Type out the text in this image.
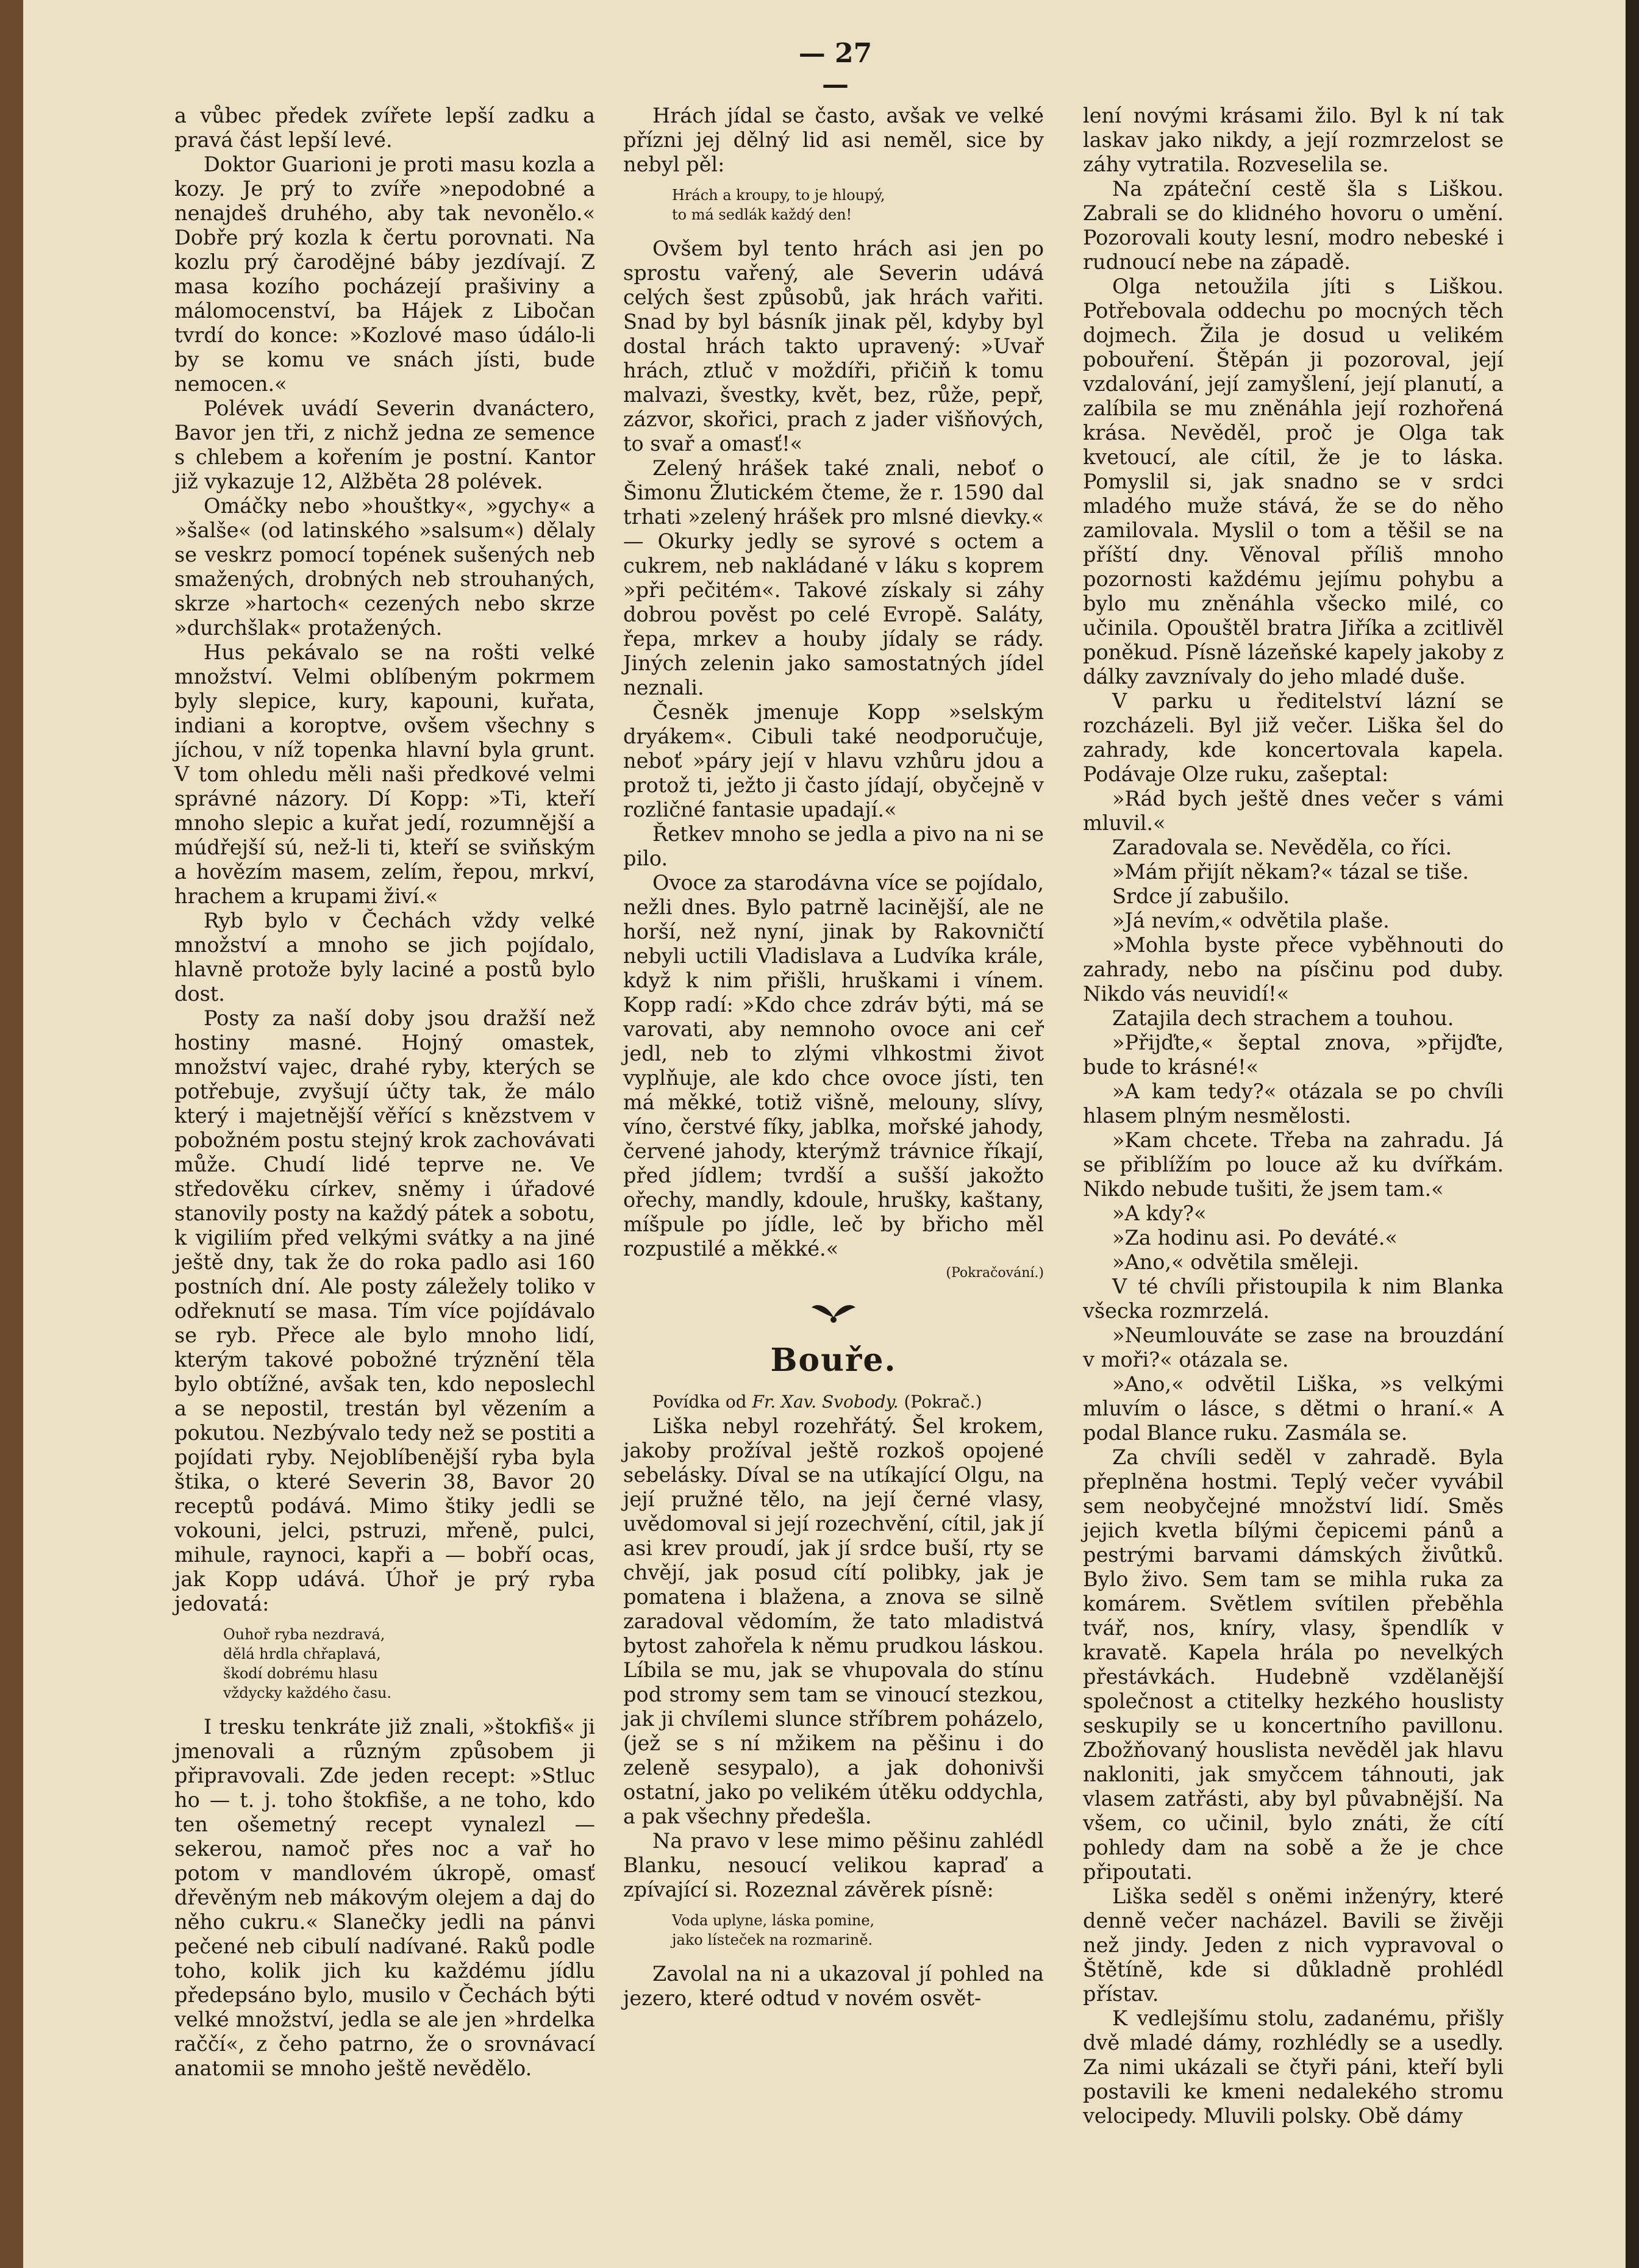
— 27 —

a vůbec předek zvířete lepší zadku a pravá část lepší levé.

Doktor Guarioni je proti masu kozla a kozy. Je prý to zvíře »nepodobné a nenajdeš druhého, aby tak nevonělo.« Dobře prý kozla k čertu porovnati. Na kozlu prý čarodějné báby jezdívají. Z masa kozího pocházejí prašiviny a málomocenství, ba Hájek z Libočan tvrdí do konce: »Kozlové maso údálo-li by se komu ve snách jísti, bude nemocen.«

Polévek uvádí Severin dvanáctero, Bavor jen tři, z nichž jedna ze semence s chlebem a kořením je postní. Kantor již vykazuje 12, Alžběta 28 polévek.

Omáčky nebo »houštky«, »gychy« a »šalše« (od latinského »salsum«) dělaly se veskrz pomocí topének sušených neb smažených, drobných neb strouhaných, skrze »hartoch« cezených nebo skrze »durchšlak« protažených.

Hus pekávalo se na rošti velké množství. Velmi oblíbeným pokrmem byly slepice, kury, kapouni, kuřata, indiani a koroptve, ovšem všechny s jíchou, v níž topenka hlavní byla grunt. V tom ohledu měli naši předkové velmi správné názory. Dí Kopp: »Ti, kteří mnoho slepic a kuřat jedí, rozumnější a múdřejší sú, než-li ti, kteří se sviňským a hovězím masem, zelím, řepou, mrkví, hrachem a krupami živí.«

Ryb bylo v Čechách vždy velké množství a mnoho se jich pojídalo, hlavně protože byly laciné a postů bylo dost.

Posty za naší doby jsou dražší než hostiny masné. Hojný omastek, množství vajec, drahé ryby, kterých se potřebuje, zvyšují účty tak, že málo který i majetnější věřící s knězstvem v pobožném postu stejný krok zachovávati může. Chudí lidé teprve ne. Ve středověku církev, sněmy i úřadové stanovily posty na každý pátek a sobotu, k vigiliím před velkými svátky a na jiné ještě dny, tak že do roka padlo asi 160 postních dní. Ale posty záležely toliko v odřeknutí se masa. Tím více pojídávalo se ryb. Přece ale bylo mnoho lidí, kterým takové pobožné trýznění těla bylo obtížné, avšak ten, kdo neposlechl a se nepostil, trestán byl vězením a pokutou. Nezbývalo tedy než se postiti a pojídati ryby. Nejoblíbenější ryba byla štika, o které Severin 38, Bavor 20 receptů podává. Mimo štiky jedli se vokouni, jelci, pstruzi, mřeně, pulci, mihule, raynoci, kapři a — bobří ocas, jak Kopp udává. Úhoř je prý ryba jedovatá:

Ouhoř ryba nezdravá,
dělá hrdla chřaplavá,
škodí dobrému hlasu
vždycky každého času.

I tresku tenkráte již znali, »štokfiš« ji jmenovali a různým způsobem ji připravovali. Zde jeden recept: »Stluc ho — t. j. toho štokfiše, a ne toho, kdo ten ošemetný recept vynalezl — sekerou, namoč přes noc a vař ho potom v mandlovém úkropě, omasť dřevěným neb mákovým olejem a daj do něho cukru.« Slanečky jedli na pánvi pečené neb cibulí nadívané. Raků podle toho, kolik jich ku každému jídlu předepsáno bylo, musilo v Čechách býti velké množství, jedla se ale jen »hrdelka raččí«, z čeho patrno, že o srovnávací anatomii se mnoho ještě nevědělo.

Hrách jídal se často, avšak ve velké přízni jej dělný lid asi neměl, sice by nebyl pěl:

Hrách a kroupy, to je hloupý,
to má sedlák každý den!

Ovšem byl tento hrách asi jen po sprostu vařený, ale Severin udává celých šest způsobů, jak hrách vařiti. Snad by byl básník jinak pěl, kdyby byl dostal hrách takto upravený: »Uvař hrách, ztluč v moždíři, přičiň k tomu malvazi, švestky, květ, bez, růže, pepř, zázvor, skořici, prach z jader višňových, to svař a omasť!«

Zelený hrášek také znali, neboť o Šimonu Žlutickém čteme, že r. 1590 dal trhati »zelený hrášek pro mlsné dievky.« — Okurky jedly se syrové s octem a cukrem, neb nakládané v láku s koprem »při pečitém«. Takové získaly si záhy dobrou pověst po celé Evropě. Saláty, řepa, mrkev a houby jídaly se rády. Jiných zelenin jako samostatných jídel neznali.

Česněk jmenuje Kopp »selským dryákem«. Cibuli také neodporučuje, neboť »páry její v hlavu vzhůru jdou a protož ti, ježto ji často jídají, obyčejně v rozličné fantasie upadají.«

Řetkev mnoho se jedla a pivo na ni se pilo.

Ovoce za starodávna více se pojídalo, nežli dnes. Bylo patrně lacinější, ale ne horší, než nyní, jinak by Rakovničtí nebyli uctili Vladislava a Ludvíka krále, když k nim přišli, hruškami i vínem. Kopp radí: »Kdo chce zdráv býti, má se varovati, aby nemnoho ovoce ani ceř jedl, neb to zlými vlhkostmi život vyplňuje, ale kdo chce ovoce jísti, ten má měkké, totiž višně, melouny, slívy, víno, čerstvé fíky, jablka, mořské jahody, červené jahody, kterýmž trávnice říkají, před jídlem; tvrdší a sušší jakožto ořechy, mandly, kdoule, hrušky, kaštany, míšpule po jídle, leč by břicho měl rozpustilé a měkké.«

(Pokračování.)
Bouře.

Povídka od Fr. Xav. Svobody. (Pokrač.)

Liška nebyl rozehřátý. Šel krokem, jakoby prožíval ještě rozkoš opojené sebelásky. Díval se na utíkající Olgu, na její pružné tělo, na její černé vlasy, uvědomoval si její rozechvění, cítil, jak jí asi krev proudí, jak jí srdce buší, rty se chvějí, jak posud cítí polibky, jak je pomatena i blažena, a znova se silně zaradoval vědomím, že tato mladistvá bytost zahořela k němu prudkou láskou. Líbila se mu, jak se vhupovala do stínu pod stromy sem tam se vinoucí stezkou, jak ji chvílemi slunce stříbrem poházelo, (jež se s ní mžikem na pěšinu i do zeleně sesypalo), a jak dohonivši ostatní, jako po velikém útěku oddychla, a pak všechny předešla.

Na pravo v lese mimo pěšinu zahlédl Blanku, nesoucí velikou kapraď a zpívající si. Rozeznal závěrek písně:

Voda uplyne, láska pomine,
jako lísteček na rozmarině.

Zavolal na ni a ukazoval jí pohled na jezero, které odtud v novém osvět-

lení novými krásami žilo. Byl k ní tak laskav jako nikdy, a její rozmrzelost se záhy vytratila. Rozveselila se.

Na zpáteční cestě šla s Liškou. Zabrali se do klidného hovoru o umění. Pozorovali kouty lesní, modro nebeské i rudnoucí nebe na západě.

Olga netoužila jíti s Liškou. Potřebovala oddechu po mocných těch dojmech. Žila je dosud u velikém pobouření. Štěpán ji pozoroval, její vzdalování, její zamyšlení, její planutí, a zalíbila se mu zněnáhla její rozhořená krása. Nevěděl, proč je Olga tak kvetoucí, ale cítil, že je to láska. Pomyslil si, jak snadno se v srdci mladého muže stává, že se do něho zamilovala. Myslil o tom a těšil se na příští dny. Věnoval příliš mnoho pozornosti každému jejímu pohybu a bylo mu zněnáhla všecko milé, co učinila. Opouštěl bratra Jiříka a zcitlivěl poněkud. Písně lázeňské kapely jakoby z dálky zavznívaly do jeho mladé duše.

V parku u ředitelství lázní se rozcházeli. Byl již večer. Liška šel do zahrady, kde koncertovala kapela. Podávaje Olze ruku, zašeptal:

»Rád bych ještě dnes večer s vámi mluvil.«

Zaradovala se. Nevěděla, co říci.

»Mám přijít někam?« tázal se tiše.

Srdce jí zabušilo.

»Já nevím,« odvětila plaše.

»Mohla byste přece vyběhnouti do zahrady, nebo na písčinu pod duby. Nikdo vás neuvidí!«

Zatajila dech strachem a touhou.

»Přijďte,« šeptal znova, »přijďte, bude to krásné!«

»A kam tedy?« otázala se po chvíli hlasem plným nesmělosti.

»Kam chcete. Třeba na zahradu. Já se přiblížím po louce až ku dvířkám. Nikdo nebude tušiti, že jsem tam.«

»A kdy?«

»Za hodinu asi. Po deváté.«

»Ano,« odvětila směleji.

V té chvíli přistoupila k nim Blanka všecka rozmrzelá.

»Neumlouváte se zase na brouzdání v moři?« otázala se.

»Ano,« odvětil Liška, »s velkými mluvím o lásce, s dětmi o hraní.« A podal Blance ruku. Zasmála se.

Za chvíli seděl v zahradě. Byla přeplněna hostmi. Teplý večer vyvábil sem neobyčejné množství lidí. Směs jejich kvetla bílými čepicemi pánů a pestrými barvami dámských živůtků. Bylo živo. Sem tam se mihla ruka za komárem. Světlem svítilen přeběhla tvář, nos, kníry, vlasy, špendlík v kravatě. Kapela hrála po nevelkých přestávkách. Hudebně vzdělanější společnost a ctitelky hezkého houslisty seskupily se u koncertního pavillonu. Zbožňovaný houslista nevěděl jak hlavu nakloniti, jak smyčcem táhnouti, jak vlasem zatřásti, aby byl půvabnější. Na všem, co učinil, bylo znáti, že cítí pohledy dam na sobě a že je chce připoutati.

Liška seděl s oněmi inženýry, které denně večer nacházel. Bavili se živěji než jindy. Jeden z nich vypravoval o Štětíně, kde si důkladně prohlédl přístav.

K vedlejšímu stolu, zadanému, přišly dvě mladé dámy, rozhlédly se a usedly. Za nimi ukázali se čtyři páni, kteří byli postavili ke kmeni nedalekého stromu velocipedy. Mluvili polsky. Obě dámy
